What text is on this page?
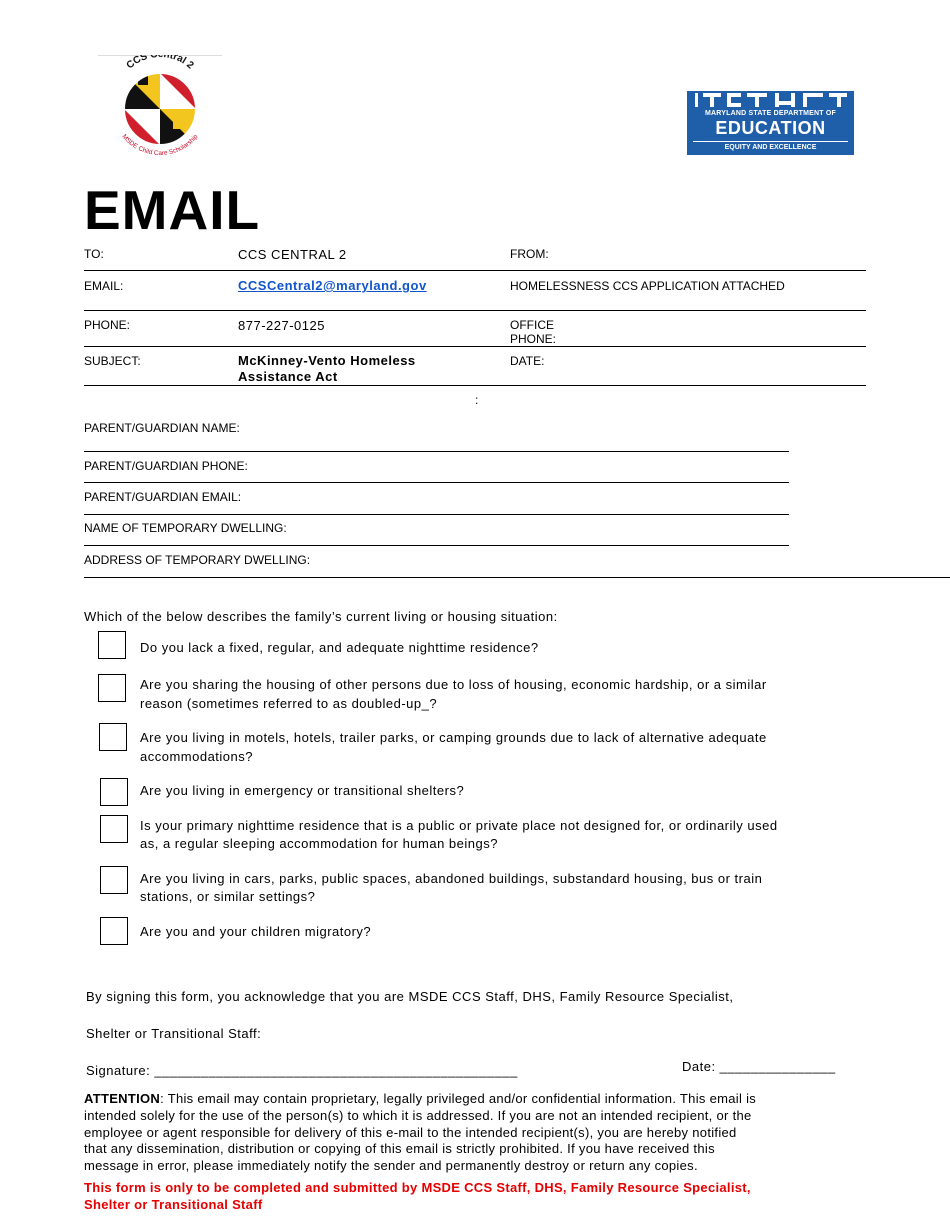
CCS tral 2
MSDE Child Care Scholarship
MARYLAND STATE DEPARTMENT OF
EDUCATION
EQUITY AND EXCELLENCE
EMAIL
TO:	CCS CENTRAL 2	FROM:
EMAIL:	CCSCentral2@maryland.gov	HOMELESSNESS CCS APPLICATION ATTACHED
PHONE:	877-227-0125	OFFICE
PHONE:
SUBJECT:	McKinney-Vento Homeless
Assistance Act
DATE:
:
PARENT/GUARDIAN NAME:
PARENT/GUARDIAN PHONE:
PARENT/GUARDIAN EMAIL:
NAME OF TEMPORARY DWELLING:
ADDRESS OF TEMPORARY DWELLING:
Which of the below describes the family’s current living or housing situation:
Do you lack a fixed, regular, and adequate nighttime residence?
Are you sharing the housing of other persons due to loss of housing, economic hardship, or a similar
reason (sometimes referred to as doubled-up_?
Are you living in motels, hotels, trailer parks, or camping grounds due to lack of alternative adequate
accommodations?
Are you living in emergency or transitional shelters?
Is your primary nighttime residence that is a public or private place not designed for, or ordinarily used
as, a regular sleeping accommodation for human beings?
Are you living in cars, parks, public spaces, abandoned buildings, substandard housing, bus or train
stations, or similar settings?
Are you and your children migratory?
By signing this form, you acknowledge that you are MSDE CCS Staff, DHS, Family Resource Specialist,
Shelter or Transitional Staff:
Signature: _______________________________________________	Date: _______________
ATTENTION: This email may contain proprietary, legally privileged and/or confidential information. This email is
intended solely for the use of the person(s) to which it is addressed. If you are not an intended recipient, or the
employee or agent responsible for delivery of this e-mail to the intended recipient(s), you are hereby notified
that any dissemination, distribution or copying of this email is strictly prohibited. If you have received this
message in error, please immediately notify the sender and permanently destroy or return any copies.
This form is only to be completed and submitted by MSDE CCS Staff, DHS, Family Resource Specialist,
Shelter or Transitional Staff
